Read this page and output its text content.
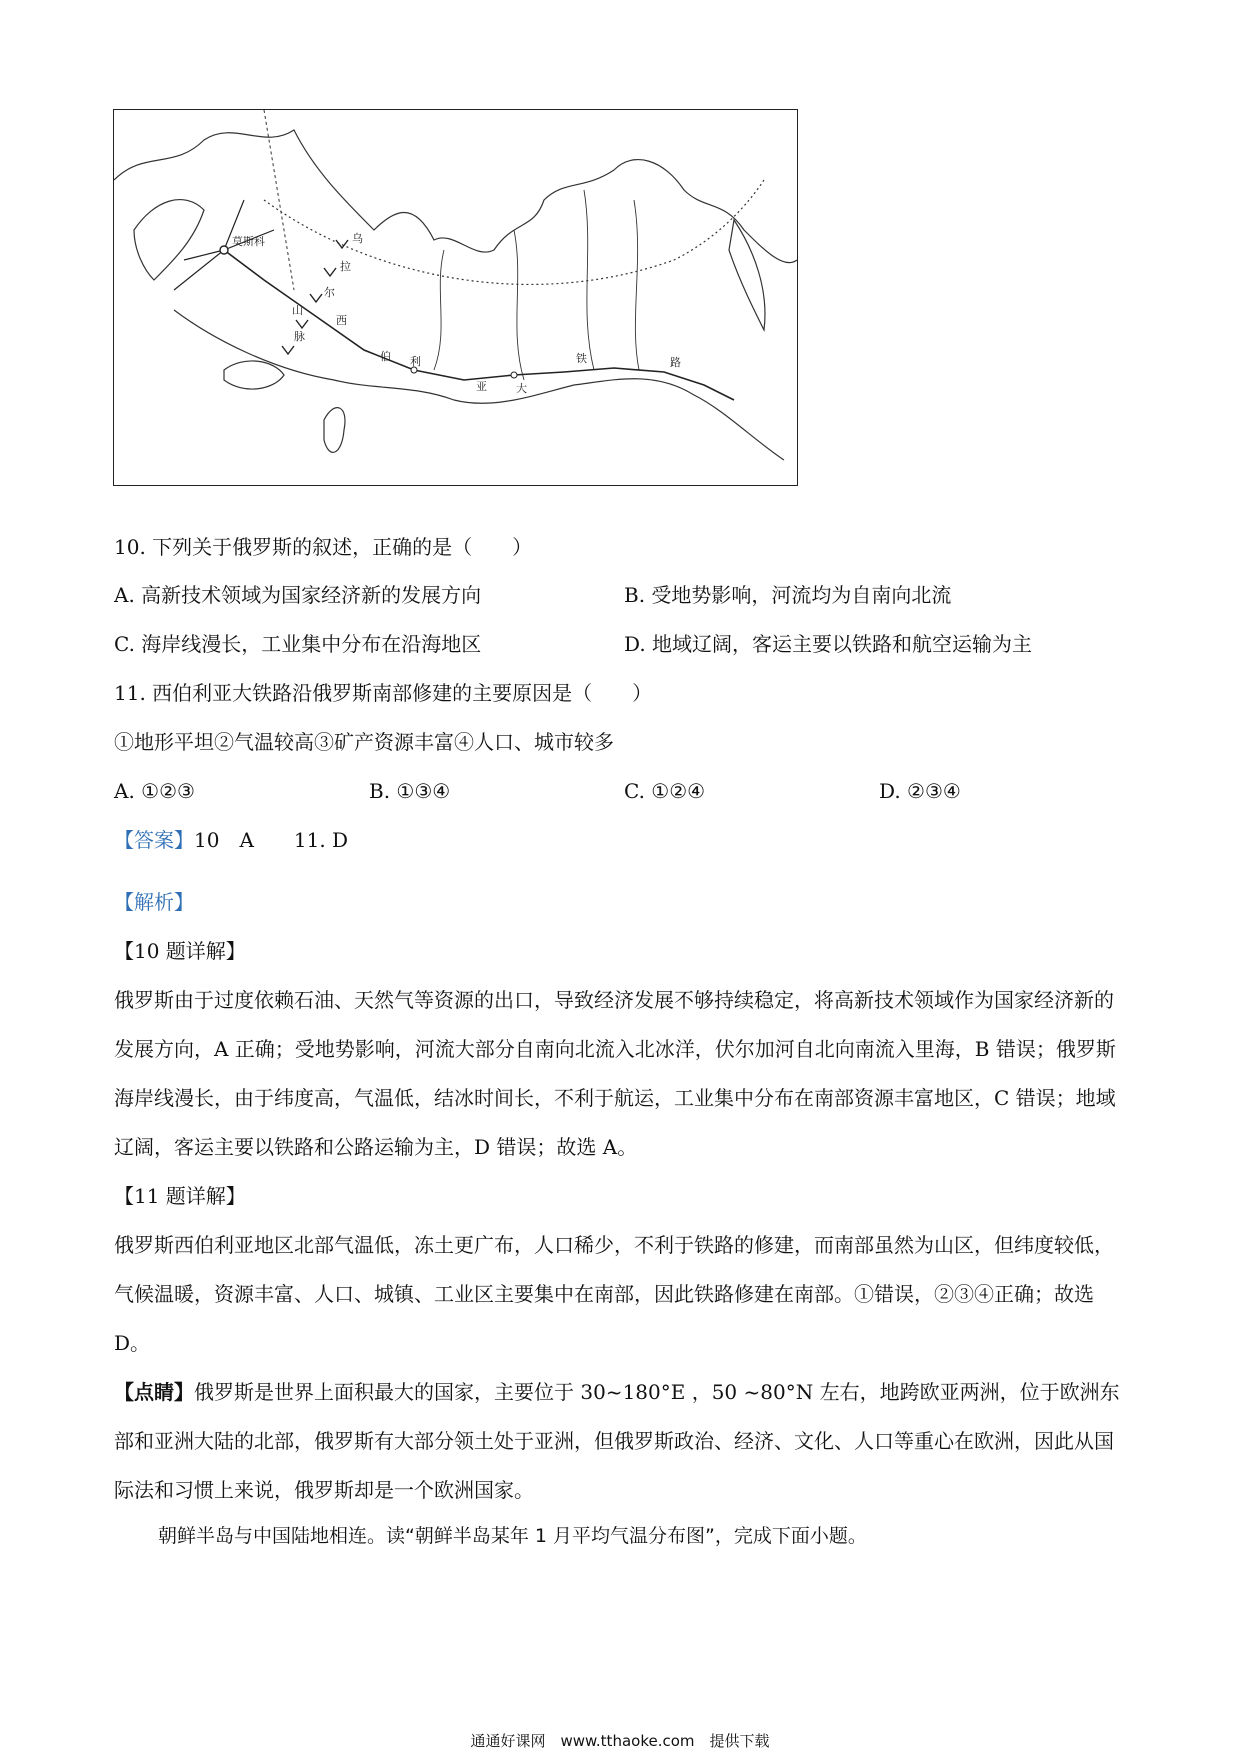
莫斯科	乌
拉
尔
山
脉
西
伯 利
亚	大
铁	路
10. 下列关于俄罗斯的叙述，正确的是（　　）
A. 高新技术领域为国家经济新的发展方向	B. 受地势影响，河流均为自南向北流
C. 海岸线漫长，工业集中分布在沿海地区	D. 地域辽阔，客运主要以铁路和航空运输为主
11. 西伯利亚大铁路沿俄罗斯南部修建的主要原因是（　　）
①地形平坦②气温较高③矿产资源丰富④人口、城市较多
A. ①②③	B. ①③④	C. ①②④	D. ②③④
【答案】10　A　　11. D
【解析】
【10 题详解】
俄罗斯由于过度依赖石油、天然气等资源的出口，导致经济发展不够持续稳定，将高新技术领域作为国家经济新的发展方向，A 正确；受地势影响，河流大部分自南向北流入北冰洋，伏尔加河自北向南流入里海，B 错误；俄罗斯海岸线漫长，由于纬度高，气温低，结冰时间长，不利于航运，工业集中分布在南部资源丰富地区，C 错误；地域辽阔，客运主要以铁路和公路运输为主，D 错误；故选 A。
【11 题详解】
俄罗斯西伯利亚地区北部气温低，冻土更广布，人口稀少，不利于铁路的修建，而南部虽然为山区，但纬度较低，气候温暖，资源丰富、人口、城镇、工业区主要集中在南部，因此铁路修建在南部。①错误，②③④正确；故选 D。
【点睛】俄罗斯是世界上面积最大的国家，主要位于 30~180°E ，50 ~80°N 左右，地跨欧亚两洲，位于欧洲东部和亚洲大陆的北部，俄罗斯有大部分领土处于亚洲，但俄罗斯政治、经济、文化、人口等重心在欧洲，因此从国际法和习惯上来说，俄罗斯却是一个欧洲国家。
朝鲜半岛与中国陆地相连。读“朝鲜半岛某年 1 月平均气温分布图”，完成下面小题。
通通好课网　www.tthaoke.com　提供下载
